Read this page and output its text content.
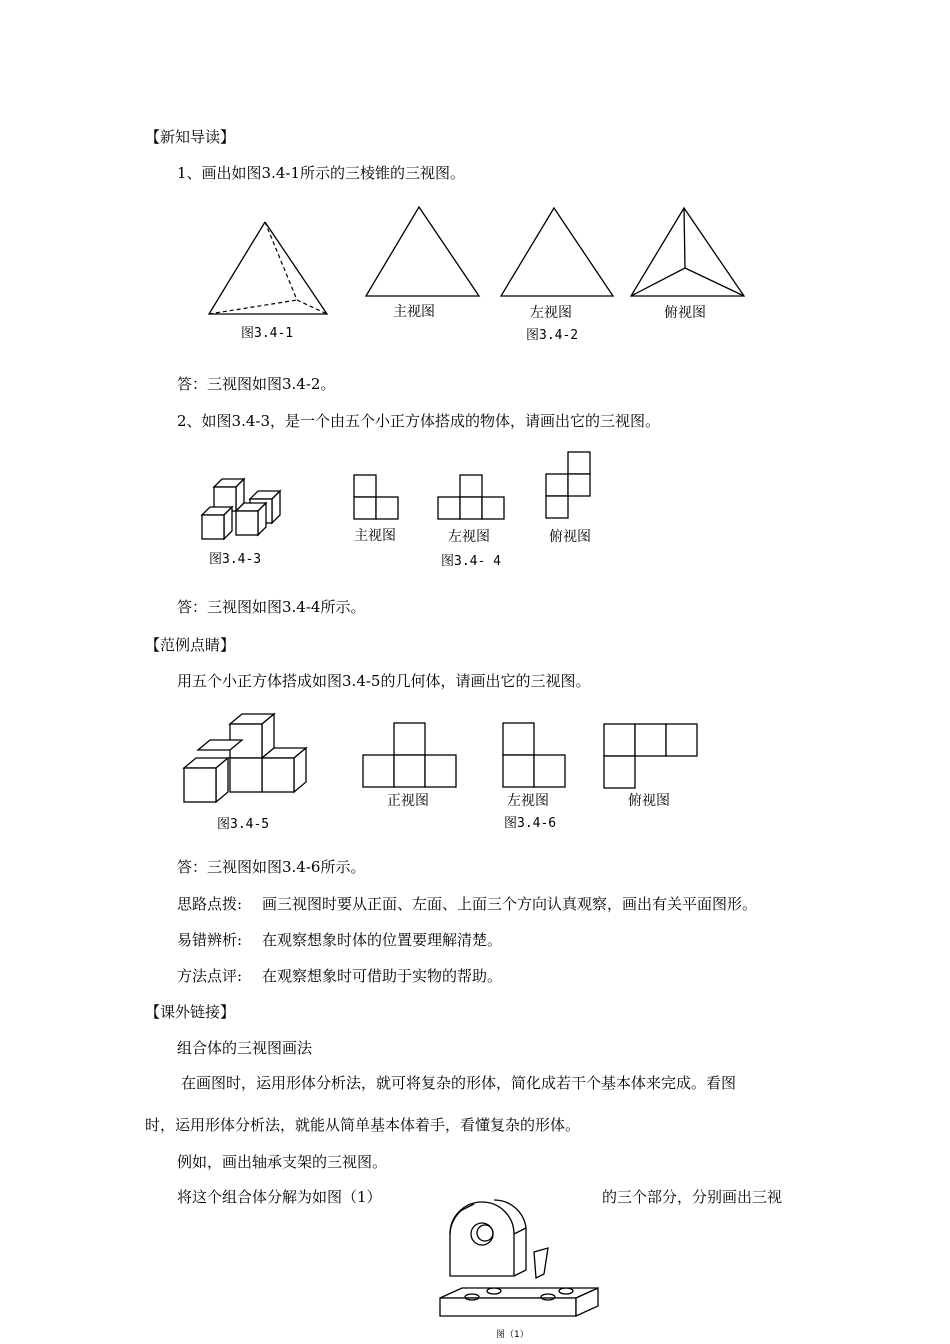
【新知导读】
1、画出如图3.4-1所示的三棱锥的三视图。
图3.4-1
主视图	左视图
图3.4-2
俯视图
答：三视图如图3.4-2。
2、如图3.4-3，是一个由五个小正方体搭成的物体，请画出它的三视图。
图3.4-3
主视图	左视图
图3.4- 4
俯视图
答：三视图如图3.4-4所示。
【范例点睛】
用五个小正方体搭成如图3.4-5的几何体，请画出它的三视图。
图3.4-5
正视图	左视图
图3.4-6
俯视图
答：三视图如图3.4-6所示。
思路点拨: 画三视图时要从正面、左面、上面三个方向认真观察，画出有关平面图形。
易错辨析: 在观察想象时体的位置要理解清楚。
方法点评: 在观察想象时可借助于实物的帮助。
【课外链接】
组合体的三视图画法
在画图时，运用形体分析法，就可将复杂的形体，简化成若干个基本体来完成。看图
时，运用形体分析法，就能从简单基本体着手，看懂复杂的形体。
例如，画出轴承支架的三视图。
将这个组合体分解为如图（1）	的三个部分，分别画出三视
图（1）
